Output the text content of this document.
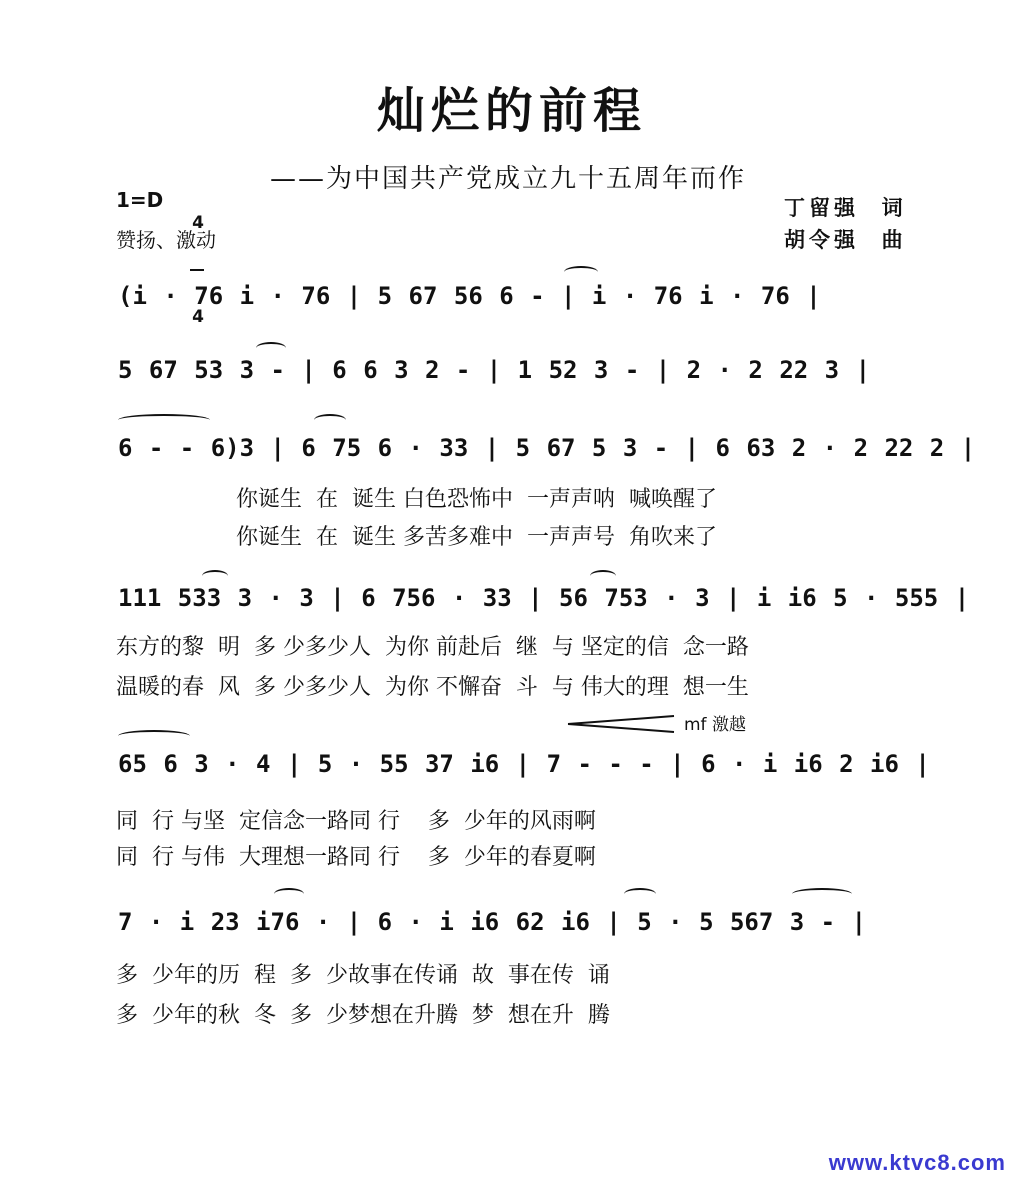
灿烂的前程
——为中国共产党成立九十五周年而作
1=D

4

4

赞扬、激动
丁留强  词
胡令强  曲
(i · 76 i · 76 | 5 67 56 6 - | i · 76 i · 76 |
5 67 53 3 - | 6 6 3 2 - | 1 52 3 - | 2 · 2 22 3 |
6 - - 6)3 | 6 75 6 · 33 | 5 67 5 3 - | 6 63 2 · 2 22 2 |
你诞生  在  诞生 白色恐怖中  一声声呐  喊唤醒了
你诞生  在  诞生 多苦多难中  一声声号  角吹来了
111 533 3 · 3 | 6 756 · 33 | 56 753 · 3 | i i6 5 · 555 |
东方的黎  明  多 少多少人  为你 前赴后  继  与 坚定的信  念一路
温暖的春  风  多 少多少人  为你 不懈奋  斗  与 伟大的理  想一生
mf 激越
65 6 3 · 4 | 5 · 55 37 i6 | 7 - - - | 6 · i i6 2 i6 |
同  行 与坚  定信念一路同 行    多  少年的风雨啊
同  行 与伟  大理想一路同 行    多  少年的春夏啊
7 · i 23 i76 · | 6 · i i6 62 i6 | 5 · 5 567 3 - |
多  少年的历  程  多  少故事在传诵  故  事在传  诵
多  少年的秋  冬  多  少梦想在升腾  梦  想在升  腾
www.ktvc8.com
